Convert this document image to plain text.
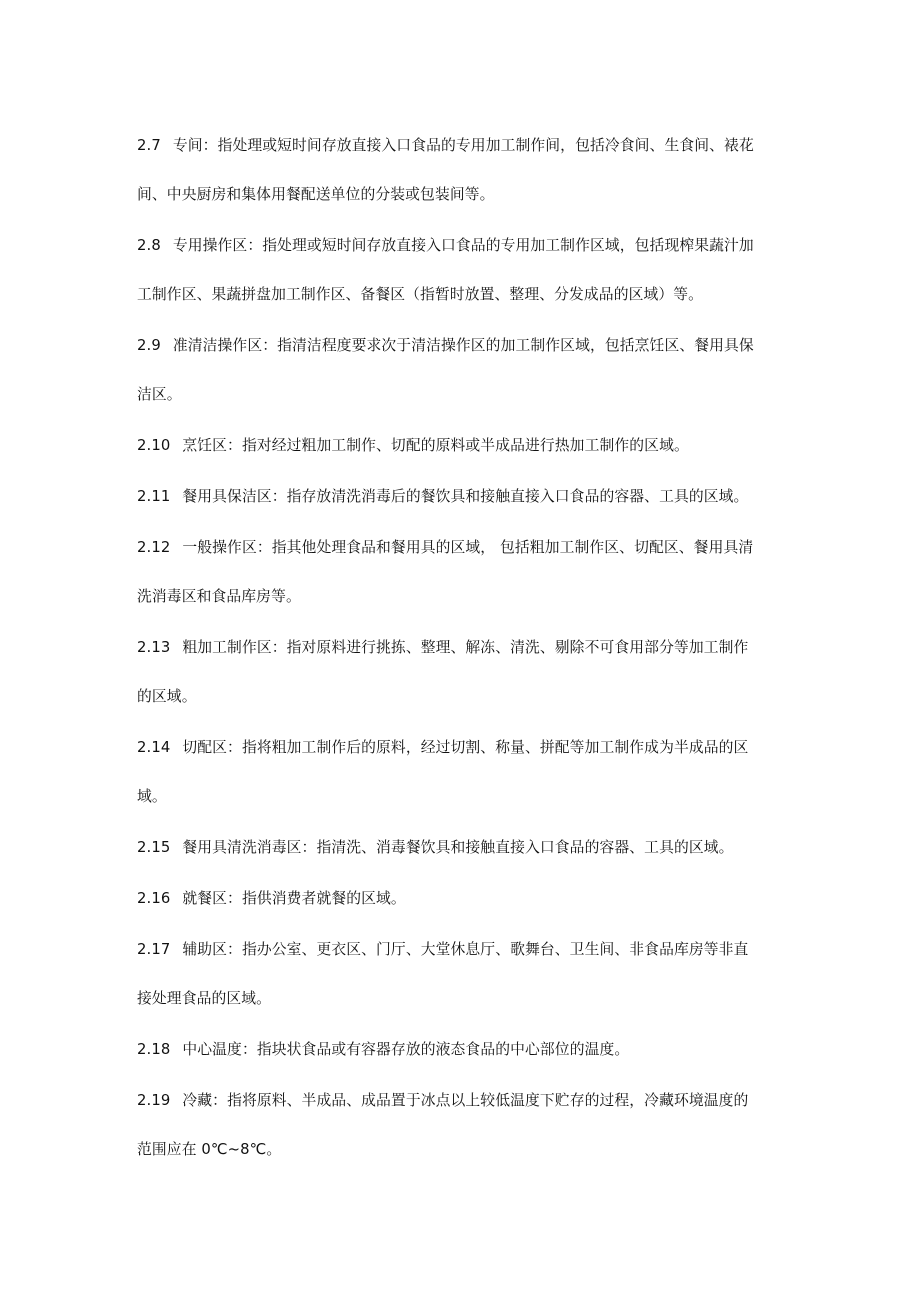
2.7 专间：指处理或短时间存放直接入口食品的专用加工制作间，包括冷食间、生食间、裱花
间、中央厨房和集体用餐配送单位的分装或包装间等。
2.8 专用操作区：指处理或短时间存放直接入口食品的专用加工制作区域，包括现榨果蔬汁加
工制作区、果蔬拼盘加工制作区、备餐区（指暂时放置、整理、分发成品的区域）等。
2.9 准清洁操作区：指清洁程度要求次于清洁操作区的加工制作区域，包括烹饪区、餐用具保
洁区。
2.10 烹饪区：指对经过粗加工制作、切配的原料或半成品进行热加工制作的区域。
2.11 餐用具保洁区：指存放清洗消毒后的餐饮具和接触直接入口食品的容器、工具的区域。
2.12 一般操作区：指其他处理食品和餐用具的区域， 包括粗加工制作区、切配区、餐用具清
洗消毒区和食品库房等。
2.13 粗加工制作区：指对原料进行挑拣、整理、解冻、清洗、剔除不可食用部分等加工制作
的区域。
2.14 切配区：指将粗加工制作后的原料，经过切割、称量、拼配等加工制作成为半成品的区
域。
2.15 餐用具清洗消毒区：指清洗、消毒餐饮具和接触直接入口食品的容器、工具的区域。
2.16 就餐区：指供消费者就餐的区域。
2.17 辅助区：指办公室、更衣区、门厅、大堂休息厅、歌舞台、卫生间、非食品库房等非直
接处理食品的区域。
2.18 中心温度：指块状食品或有容器存放的液态食品的中心部位的温度。
2.19 冷藏：指将原料、半成品、成品置于冰点以上较低温度下贮存的过程，冷藏环境温度的
范围应在 0℃~8℃。
